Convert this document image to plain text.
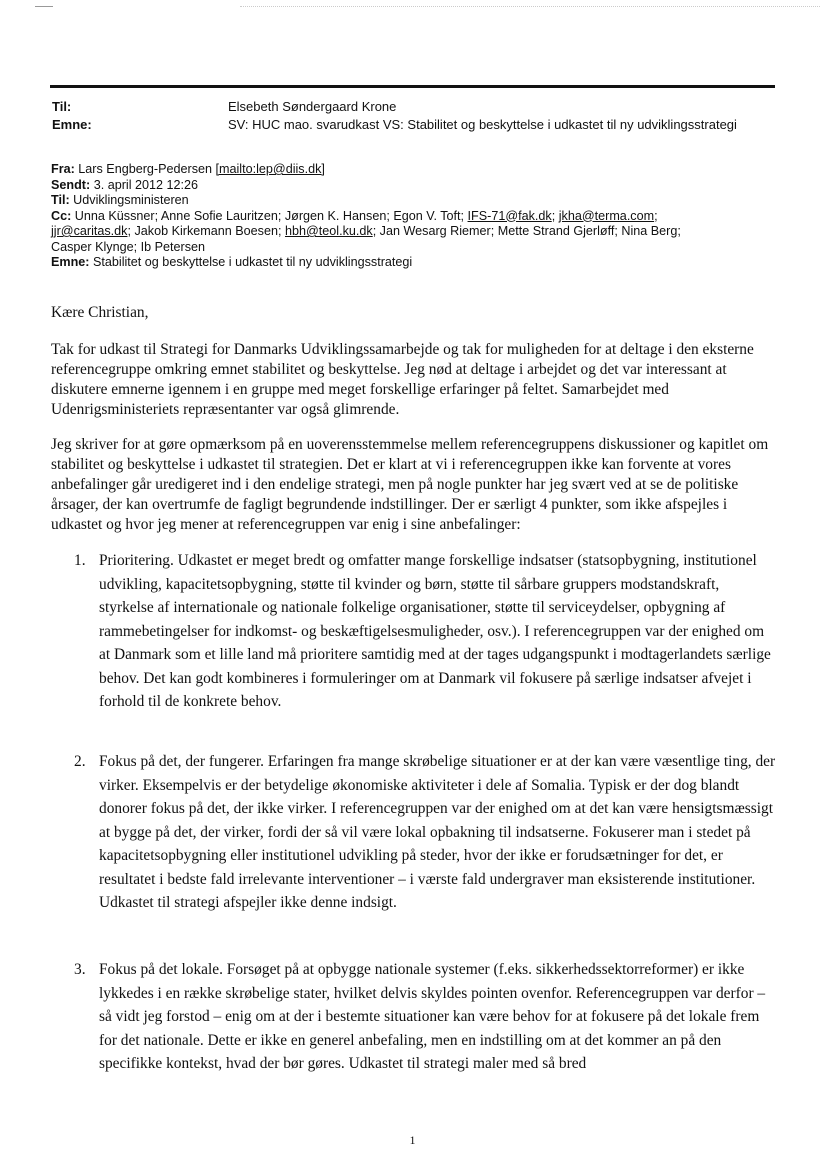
Til:	Elsebeth Søndergaard Krone
Emne:	SV: HUC mao. svarudkast VS: Stabilitet og beskyttelse i udkastet til ny udviklingsstrategi
Fra: Lars Engberg-Pedersen [mailto:lep@diis.dk]
Sendt: 3. april 2012 12:26
Til: Udviklingsministeren
Cc: Unna Küssner; Anne Sofie Lauritzen; Jørgen K. Hansen; Egon V. Toft; IFS-71@fak.dk; jkha@terma.com;
jjr@caritas.dk; Jakob Kirkemann Boesen; hbh@teol.ku.dk; Jan Wesarg Riemer; Mette Strand Gjerløff; Nina Berg;
Casper Klynge; Ib Petersen
Emne: Stabilitet og beskyttelse i udkastet til ny udviklingsstrategi

Kære Christian,

Tak for udkast til Strategi for Danmarks Udviklingssamarbejde og tak for muligheden for at deltage i den eksterne referencegruppe omkring emnet stabilitet og beskyttelse. Jeg nød at deltage i arbejdet og det var interessant at diskutere emnerne igennem i en gruppe med meget forskellige erfaringer på feltet. Samarbejdet med Udenrigsministeriets repræsentanter var også glimrende.

Jeg skriver for at gøre opmærksom på en uoverensstemmelse mellem referencegruppens diskussioner og kapitlet om stabilitet og beskyttelse i udkastet til strategien. Det er klart at vi i referencegruppen ikke kan forvente at vores anbefalinger går uredigeret ind i den endelige strategi, men på nogle punkter har jeg svært ved at se de politiske årsager, der kan overtrumfe de fagligt begrundende indstillinger. Der er særligt 4 punkter, som ikke afspejles i udkastet og hvor jeg mener at referencegruppen var enig i sine anbefalinger:

1. Prioritering. Udkastet er meget bredt og omfatter mange forskellige indsatser (statsopbygning, institutionel udvikling, kapacitetsopbygning, støtte til kvinder og børn, støtte til sårbare gruppers modstandskraft, styrkelse af internationale og nationale folkelige organisationer, støtte til serviceydelser, opbygning af rammebetingelser for indkomst- og beskæftigelsesmuligheder, osv.). I referencegruppen var der enighed om at Danmark som et lille land må prioritere samtidig med at der tages udgangspunkt i modtagerlandets særlige behov. Det kan godt kombineres i formuleringer om at Danmark vil fokusere på særlige indsatser afvejet i forhold til de konkrete behov.
2. Fokus på det, der fungerer. Erfaringen fra mange skrøbelige situationer er at der kan være væsentlige ting, der virker. Eksempelvis er der betydelige økonomiske aktiviteter i dele af Somalia. Typisk er der dog blandt donorer fokus på det, der ikke virker. I referencegruppen var der enighed om at det kan være hensigtsmæssigt at bygge på det, der virker, fordi der så vil være lokal opbakning til indsatserne. Fokuserer man i stedet på kapacitetsopbygning eller institutionel udvikling på steder, hvor der ikke er forudsætninger for det, er resultatet i bedste fald irrelevante interventioner – i værste fald undergraver man eksisterende institutioner. Udkastet til strategi afspejler ikke denne indsigt.
3. Fokus på det lokale. Forsøget på at opbygge nationale systemer (f.eks. sikkerhedssektorreformer) er ikke lykkedes i en række skrøbelige stater, hvilket delvis skyldes pointen ovenfor. Referencegruppen var derfor – så vidt jeg forstod – enig om at der i bestemte situationer kan være behov for at fokusere på det lokale frem for det nationale. Dette er ikke en generel anbefaling, men en indstilling om at det kommer an på den specifikke kontekst, hvad der bør gøres. Udkastet til strategi maler med så bred
1
